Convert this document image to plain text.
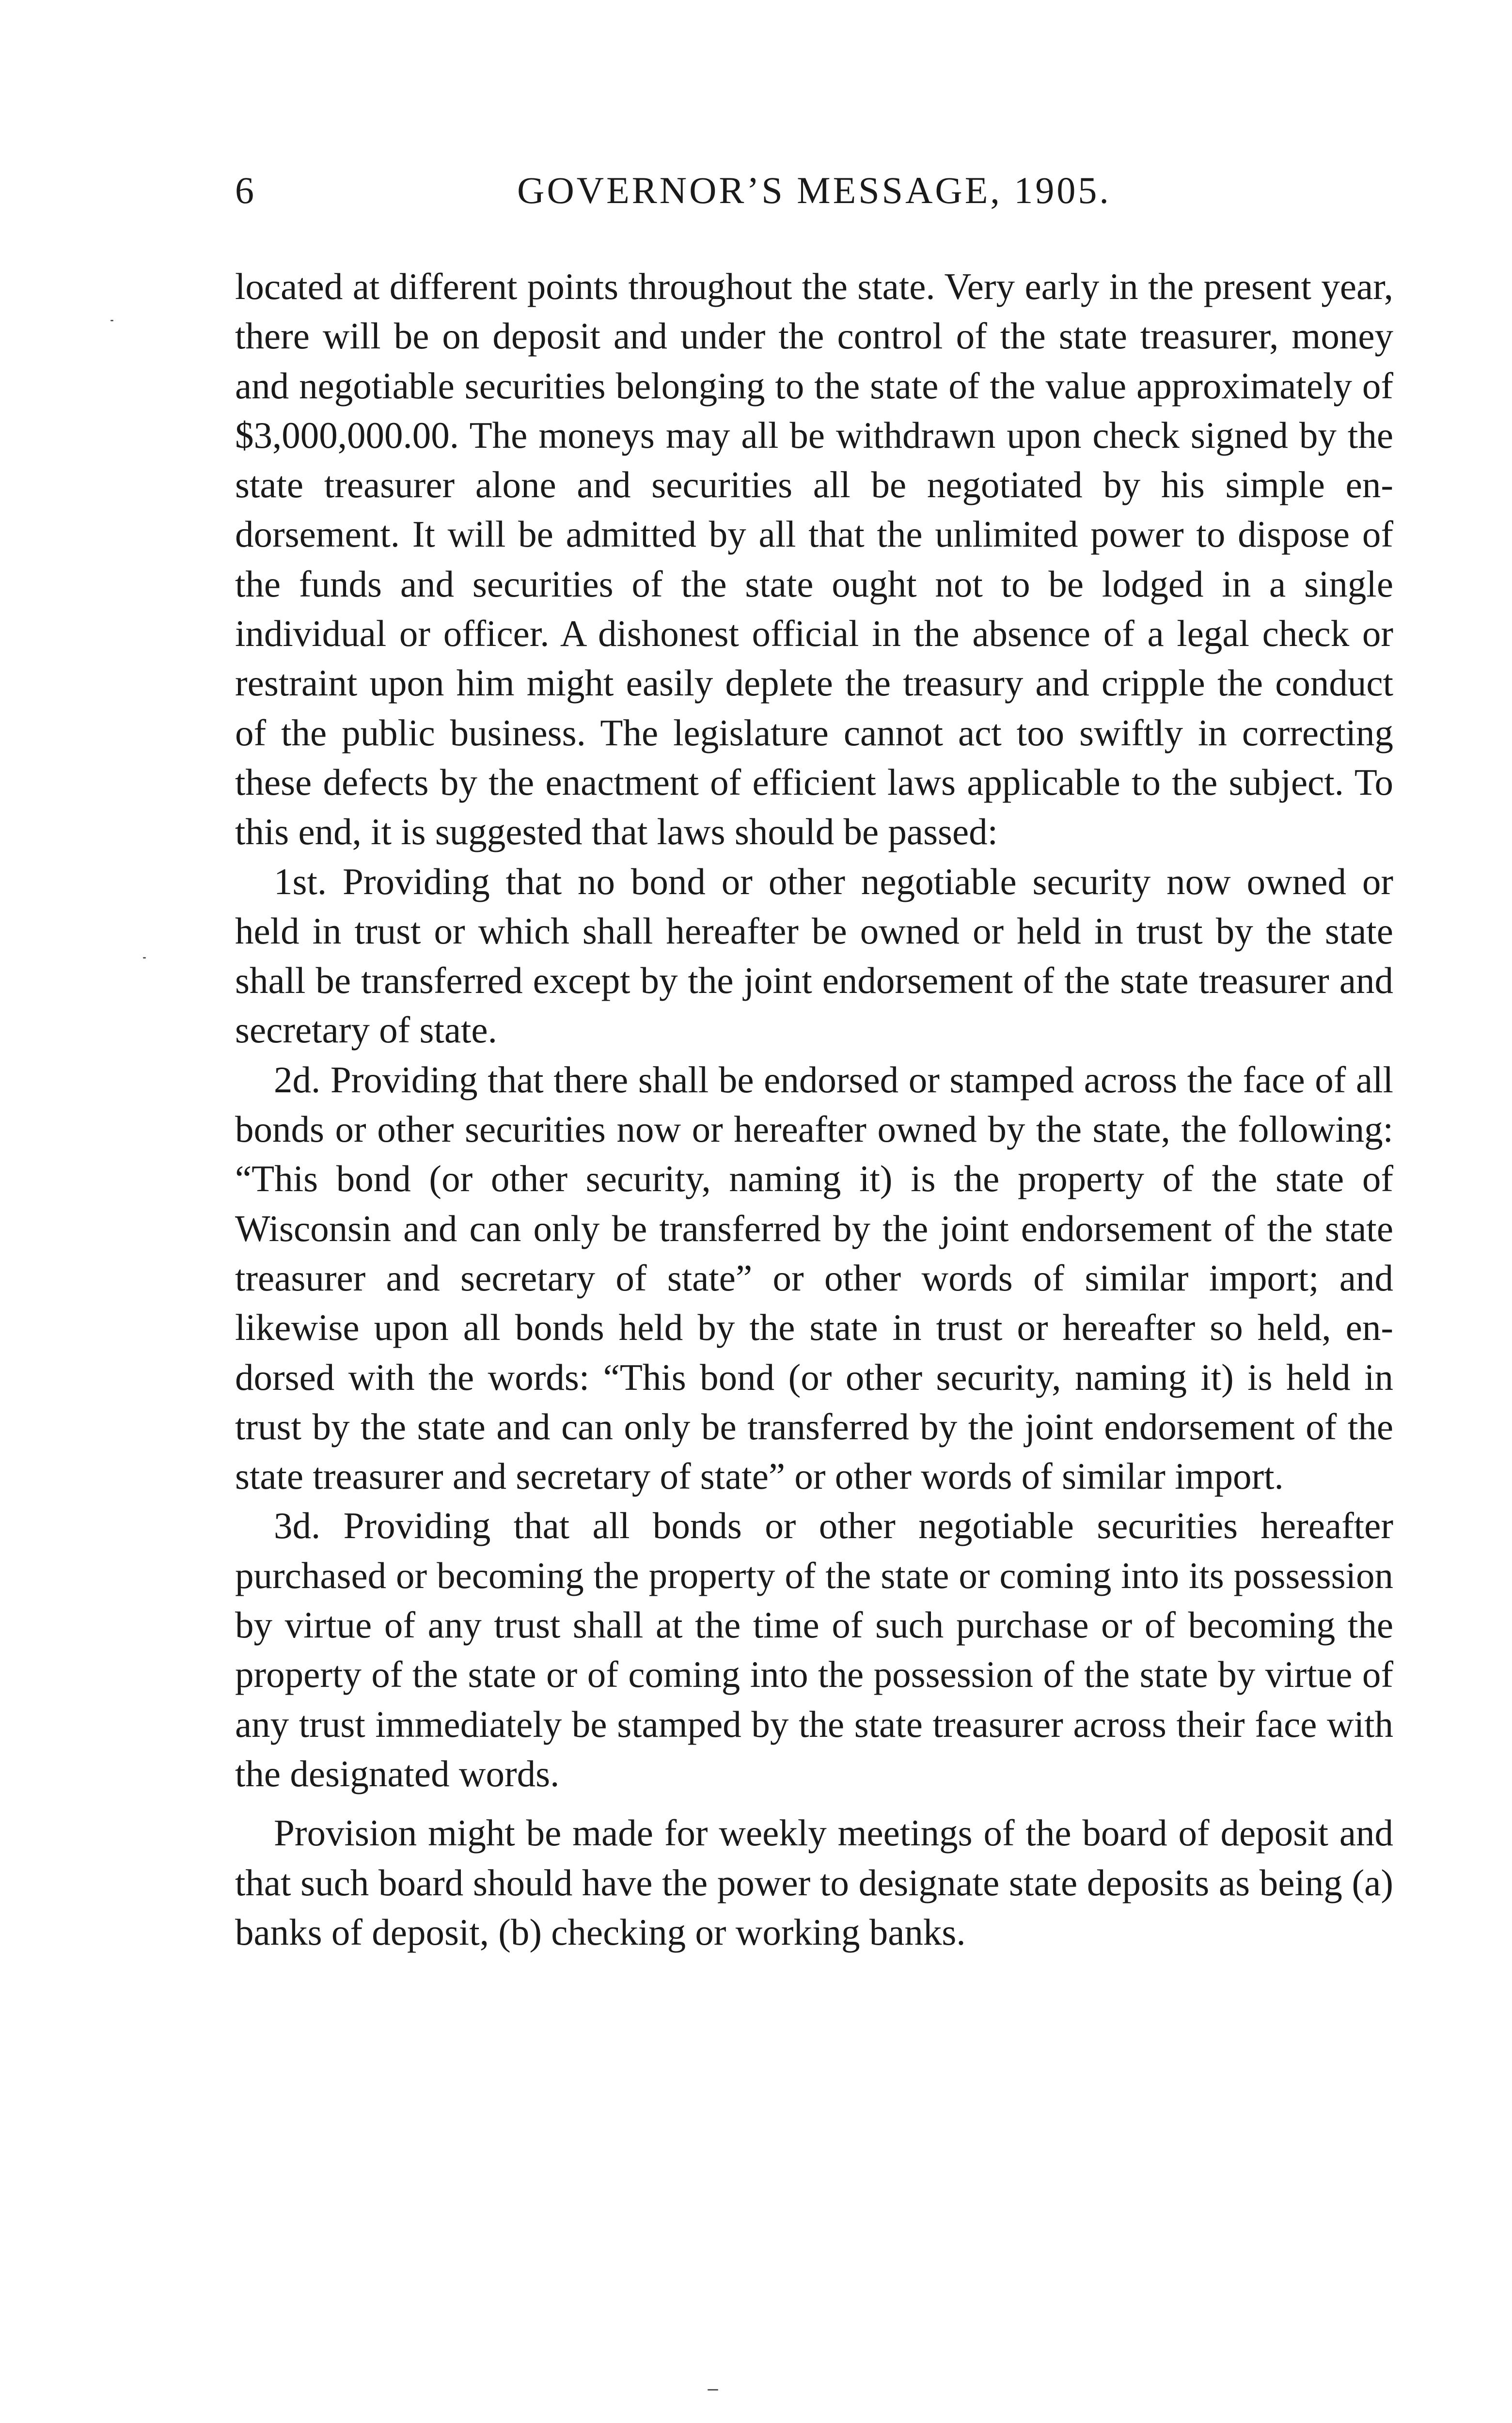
6	GOVERNOR’S MESSAGE, 1905.

located at different points throughout the state. Very early in the present year, there will be on deposit and under the control of the state treasurer, money and negotiable securities belonging to the state of the value approximately of $3,000,000.00. The moneys may all be withdrawn upon check signed by the state treasurer alone and securities all be negotiated by his simple endorsement. It will be admitted by all that the unlimited power to dispose of the funds and securities of the state ought not to be lodged in a single individual or officer. A dishonest official in the absence of a legal check or restraint upon him might easily deplete the treasury and cripple the conduct of the public business. The legislature cannot act too swiftly in correcting these defects by the enactment of efficient laws applicable to the subject. To this end, it is suggested that laws should be passed:

1st. Providing that no bond or other negotiable security now owned or held in trust or which shall hereafter be owned or held in trust by the state shall be transferred except by the joint endorsement of the state treasurer and secretary of state.

2d. Providing that there shall be endorsed or stamped across the face of all bonds or other securities now or hereafter owned by the state, the following: “This bond (or other security, naming it) is the property of the state of Wisconsin and can only be transferred by the joint endorsement of the state treasurer and secretary of state” or other words of similar import; and likewise upon all bonds held by the state in trust or hereafter so held, endorsed with the words: “This bond (or other security, naming it) is held in trust by the state and can only be transferred by the joint endorsement of the state treasurer and secretary of state” or other words of similar import.

3d. Providing that all bonds or other negotiable securities hereafter purchased or becoming the property of the state or coming into its possession by virtue of any trust shall at the time of such purchase or of becoming the property of the state or of coming into the possession of the state by virtue of any trust immediately be stamped by the state treasurer across their face with the designated words.

Provision might be made for weekly meetings of the board of deposit and that such board should have the power to designate state deposits as being (a) banks of deposit, (b) checking or working banks.
